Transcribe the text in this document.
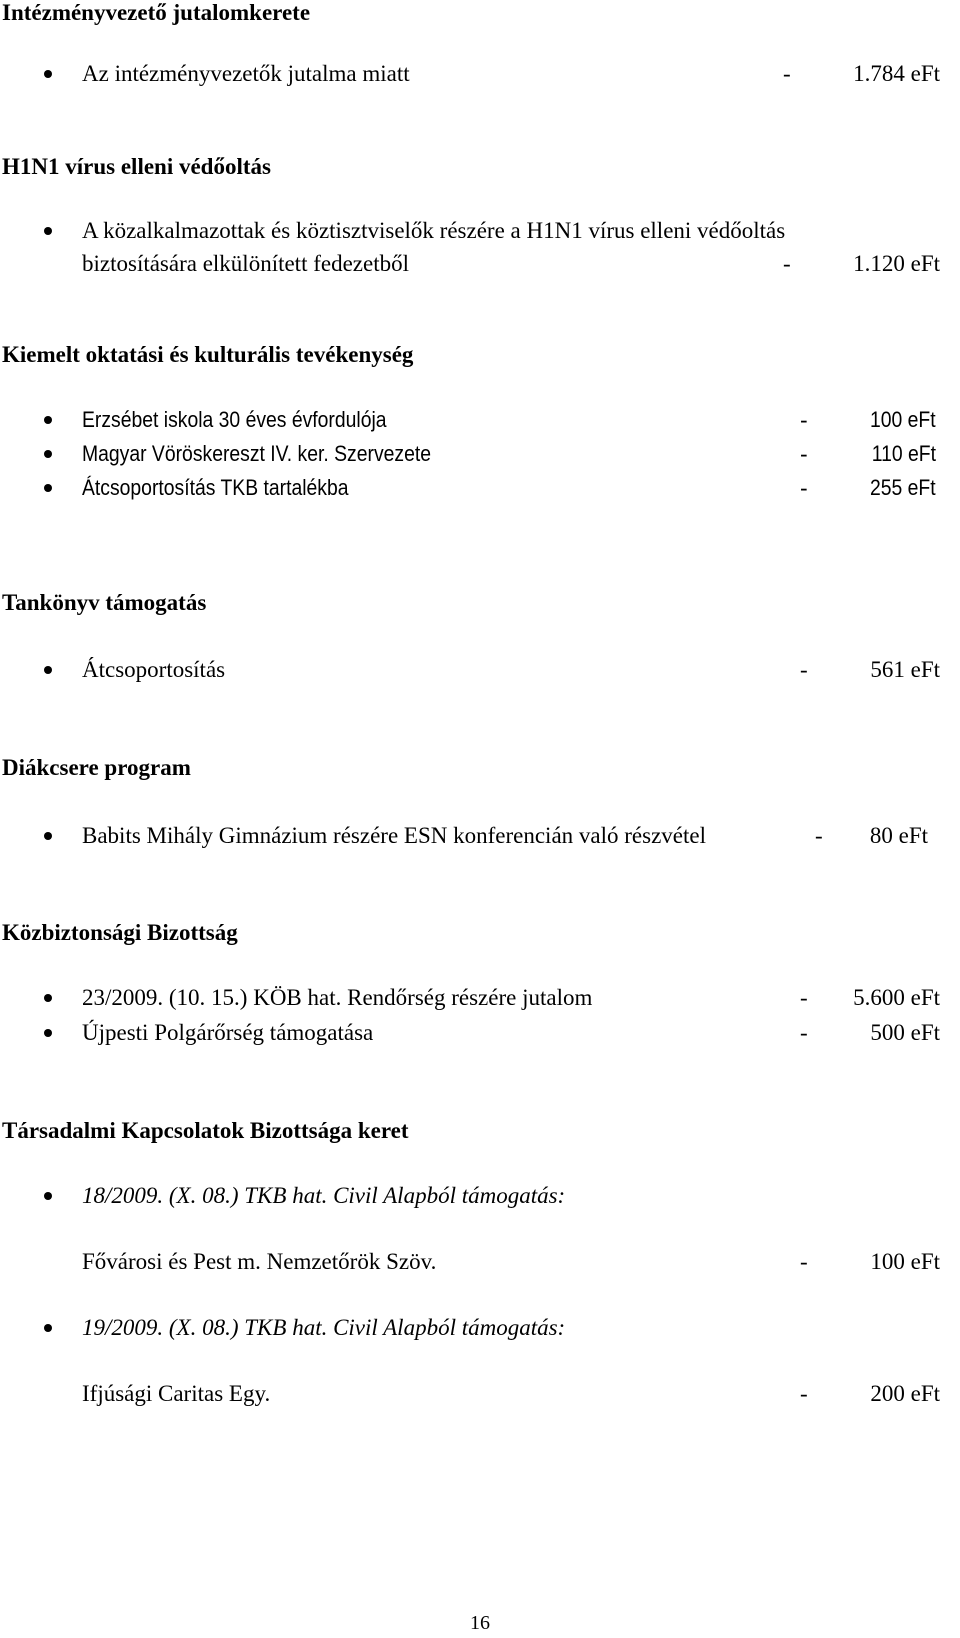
Intézményvezető jutalomkerete
Az intézményvezetők jutalma miatt	-	1.784 eFt
H1N1 vírus elleni védőoltás
A közalkalmazottak és köztisztviselők részére a H1N1 vírus elleni védőoltás
biztosítására elkülönített fedezetből	-	1.120 eFt
Kiemelt oktatási és kulturális tevékenység
Erzsébet iskola 30 éves évfordulója	-	100 eFt
Magyar Vöröskereszt IV. ker. Szervezete	-	110 eFt
Átcsoportosítás TKB tartalékba	-	255 eFt
Tankönyv támogatás
Átcsoportosítás	-	561 eFt
Diákcsere program
Babits Mihály Gimnázium részére ESN konferencián való részvétel	- 80 eFt
Közbiztonsági Bizottság
23/2009. (10. 15.) KÖB hat. Rendőrség részére jutalom	- 5.600 eFt
Újpesti Polgárőrség támogatása	-	500 eFt
Társadalmi Kapcsolatok Bizottsága keret
18/2009. (X. 08.) TKB hat. Civil Alapból támogatás:
Fővárosi és Pest m. Nemzetőrök Szöv.	-	100 eFt
19/2009. (X. 08.) TKB hat. Civil Alapból támogatás:
Ifjúsági Caritas Egy.	-	200 eFt
16
